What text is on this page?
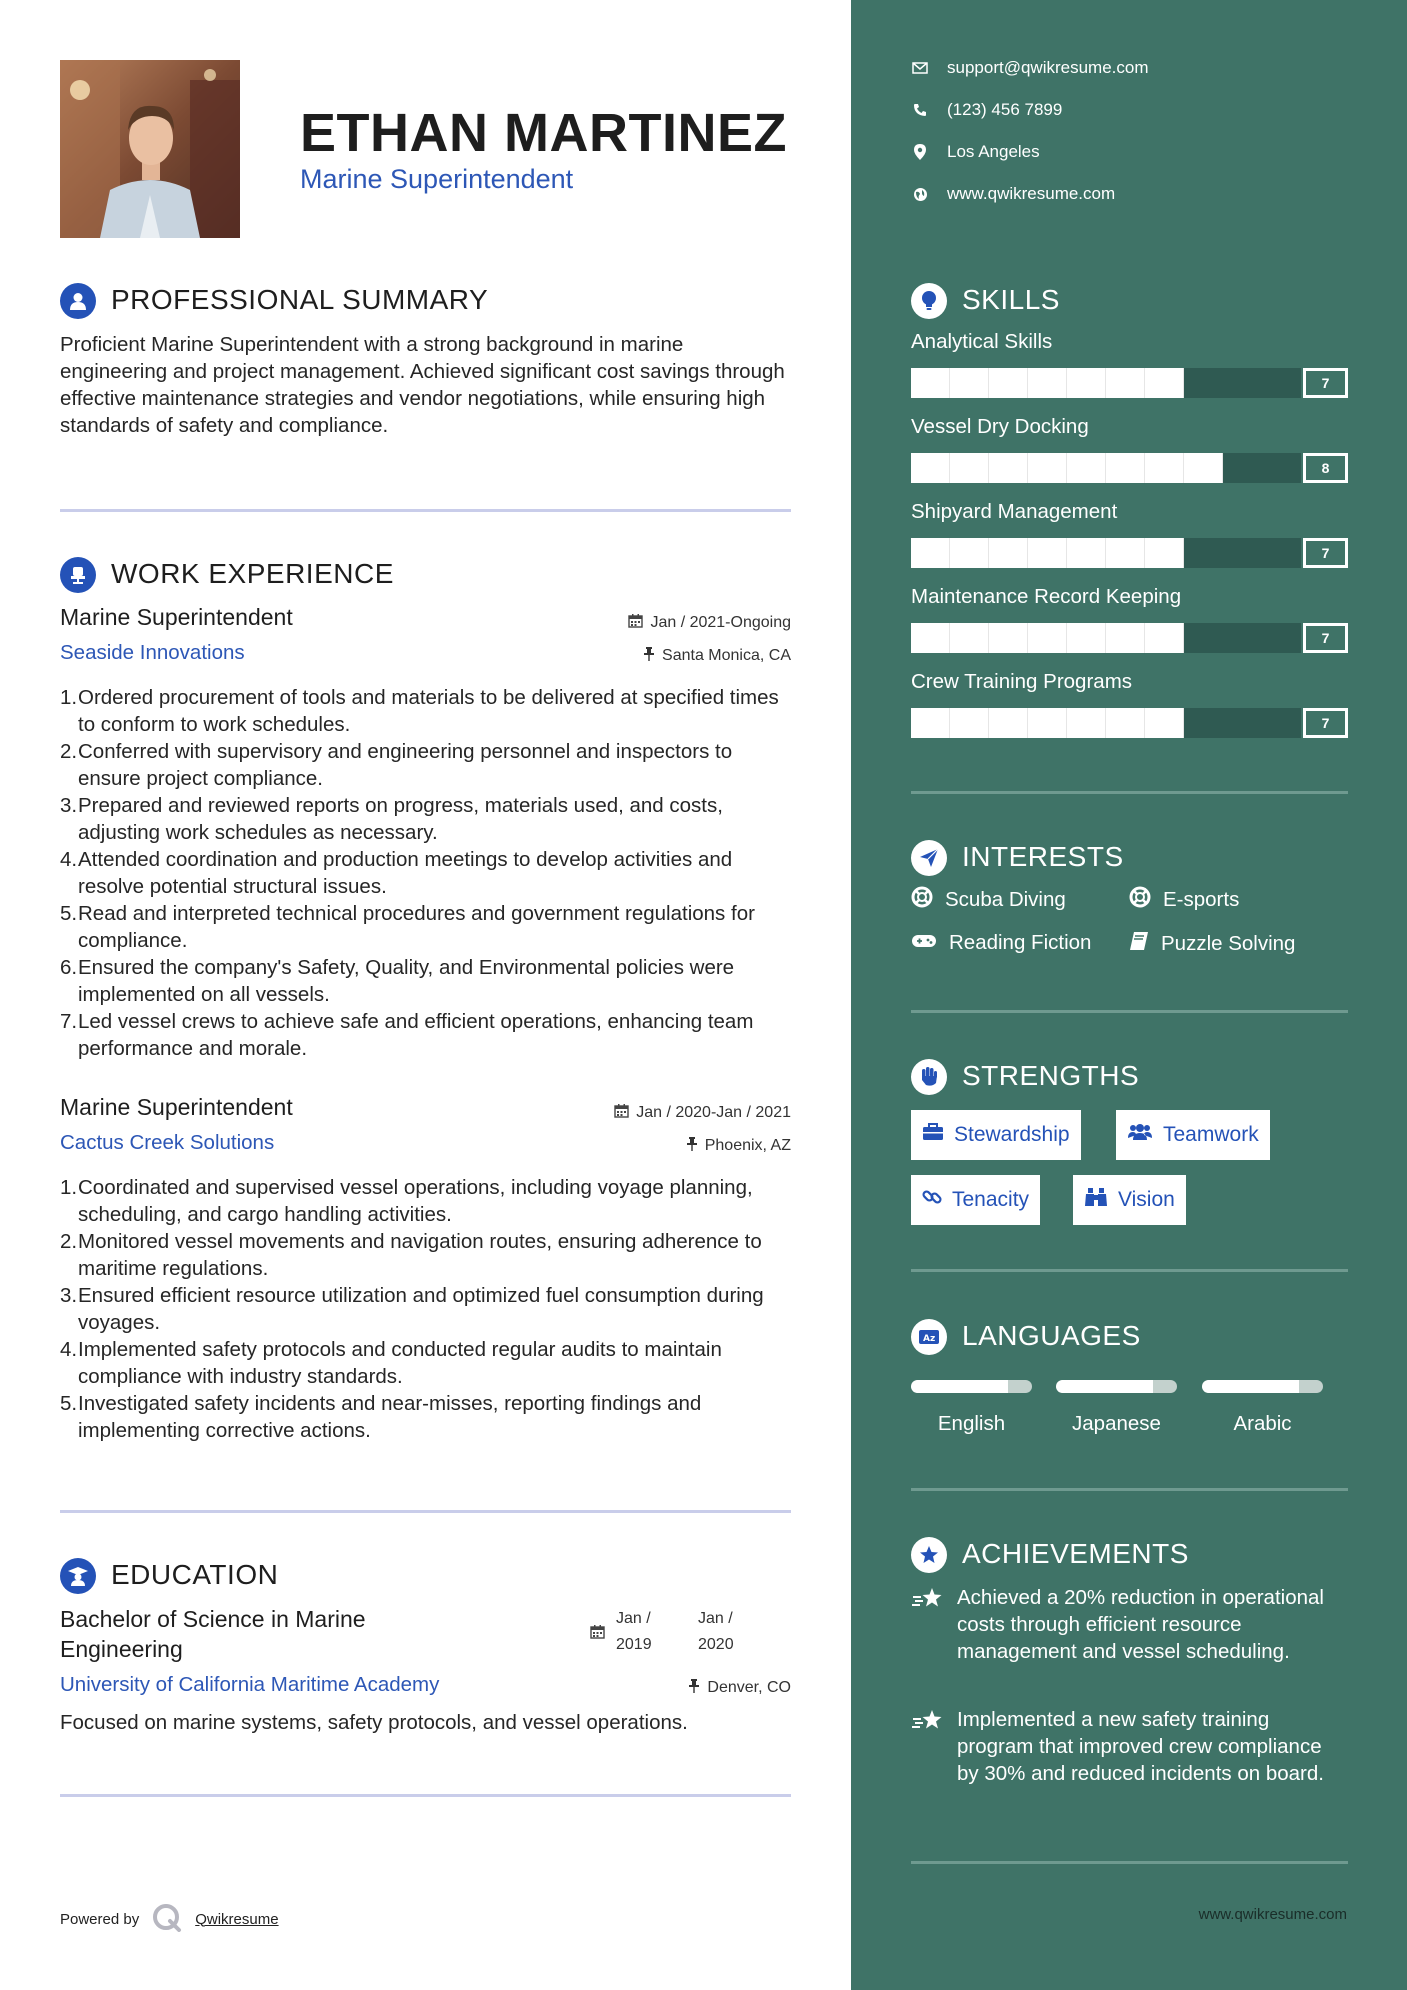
ETHAN MARTINEZ
Marine Superintendent
PROFESSIONAL SUMMARY
Proficient Marine Superintendent with a strong background in marine engineering and project management. Achieved significant cost savings through effective maintenance strategies and vendor negotiations, while ensuring high standards of safety and compliance.
WORK EXPERIENCE
Marine Superintendent	Jan / 2021-Ongoing
Seaside Innovations	Santa Monica, CA
1. Ordered procurement of tools and materials to be delivered at specified times to conform to work schedules.
2. Conferred with supervisory and engineering personnel and inspectors to ensure project compliance.
3. Prepared and reviewed reports on progress, materials used, and costs, adjusting work schedules as necessary.
4. Attended coordination and production meetings to develop activities and resolve potential structural issues.
5. Read and interpreted technical procedures and government regulations for compliance.
6. Ensured the company's Safety, Quality, and Environmental policies were implemented on all vessels.
7. Led vessel crews to achieve safe and efficient operations, enhancing team performance and morale.
Marine Superintendent	Jan / 2020-Jan / 2021
Cactus Creek Solutions	Phoenix, AZ
1. Coordinated and supervised vessel operations, including voyage planning, scheduling, and cargo handling activities.
2. Monitored vessel movements and navigation routes, ensuring adherence to maritime regulations.
3. Ensured efficient resource utilization and optimized fuel consumption during voyages.
4. Implemented safety protocols and conducted regular audits to maintain compliance with industry standards.
5. Investigated safety incidents and near-misses, reporting findings and implementing corrective actions.
EDUCATION
Bachelor of Science in Marine
Engineering
Jan /
2019
Jan /
2020
University of California Maritime Academy	Denver, CO
Focused on marine systems, safety protocols, and vessel operations.
Powered by	Qwikresume
support@qwikresume.com
(123) 456 7899
Los Angeles
www.qwikresume.com
SKILLS
Analytical Skills
7
Vessel Dry Docking
8
Shipyard Management
7
Maintenance Record Keeping
7
Crew Training Programs
7
INTERESTS
Scuba Diving	E-sports
Reading Fiction	Puzzle Solving
STRENGTHS
Stewardship	Teamwork
Tenacity	Vision
A z LANGUAGES
English	Japanese	Arabic
ACHIEVEMENTS
Achieved a 20% reduction in operational costs through efficient resource management and vessel scheduling.
Implemented a new safety training program that improved crew compliance by 30% and reduced incidents on board.
www.qwikresume.com
